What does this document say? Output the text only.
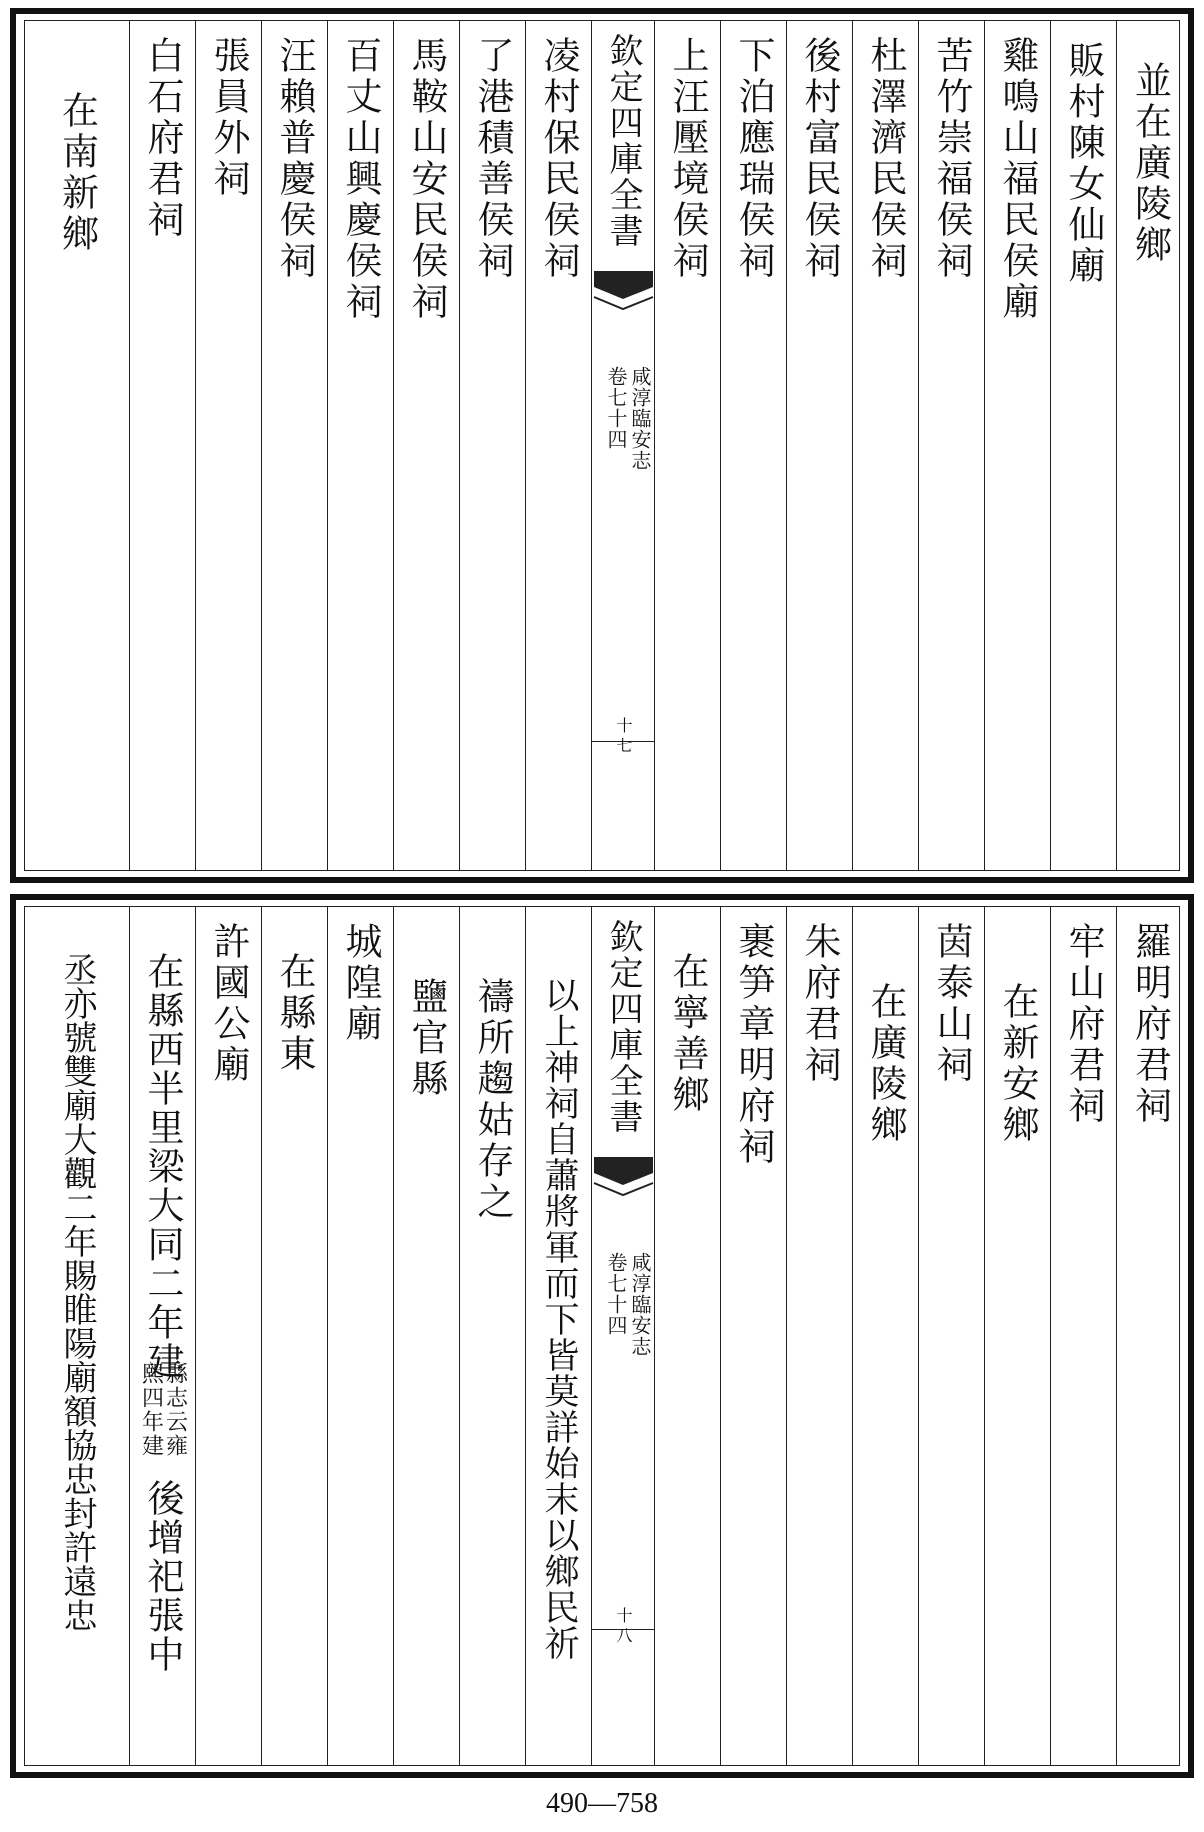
並在廣陵鄉
販村陳女仙廟
雞鳴山福民侯廟
苦竹崇福侯祠
杜澤濟民侯祠
後村富民侯祠
下泊應瑞侯祠
上汪壓境侯祠
欽定四庫全書
咸淳臨安志
卷七十四
十七
凌村保民侯祠
了港積善侯祠
馬鞍山安民侯祠
百丈山興慶侯祠
汪賴普慶侯祠
張員外祠
白石府君祠
在南新鄉
羅明府君祠
牢山府君祠
在新安鄉
茵泰山祠
在廣陵鄉
朱府君祠
裹笋章明府祠
在寧善鄉
欽定四庫全書
咸淳臨安志
卷七十四
十八
以上神祠自蕭將軍而下皆莫詳始末以鄉民祈
禱所趨姑存之
鹽官縣
城隍廟
在縣東
許國公廟
在縣西半里梁大同二年建
縣志云雍
熙四年建
後增祀張中
丞亦號雙廟大觀二年賜睢陽廟額協忠封許遠忠
490—758
